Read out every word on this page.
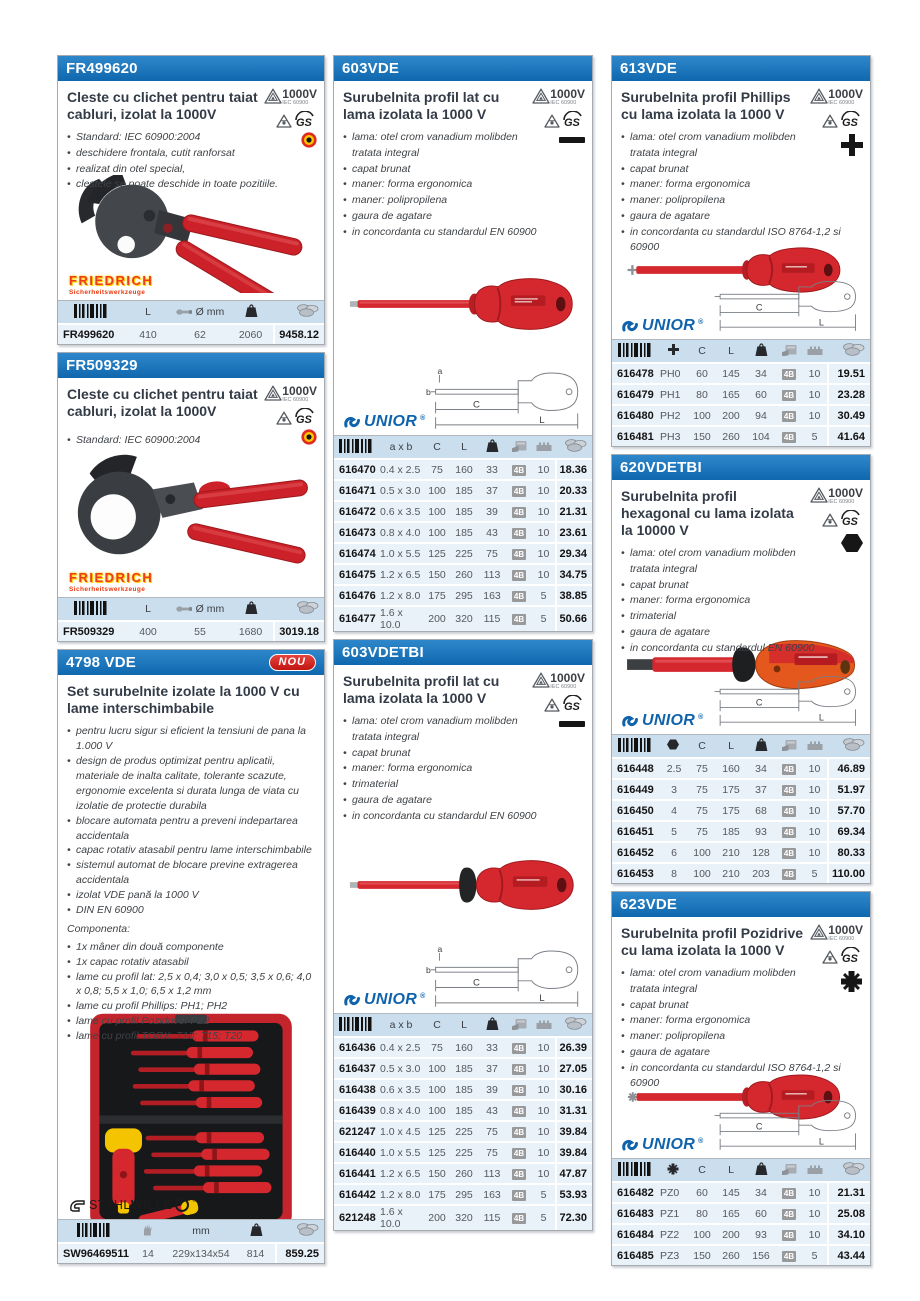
FR499620
1000V
IEC 60900
GS
Cleste cu clichet pentru taiat cabluri, izolat la 1000V
• Standard: IEC 60900:2004
• deschidere frontala, cutit ranforsat
• realizat din otel special,
• clestele se poate deschide in toate pozitiile.
FRIEDRICH
Sicherheitswerkzeuge
	L	Ø mm		
FR499620	410	62	2060	9458.12
FR509329
1000V
IEC 60900
GS
Cleste cu clichet pentru taiat cabluri, izolat la 1000V
• Standard: IEC 60900:2004
FRIEDRICH
Sicherheitswerkzeuge
	L	Ø mm		
FR509329	400	55	1680	3019.18
4798 VDE	NOU
Set surubelnite izolate la 1000 V cu lame interschimbabile
• pentru lucru sigur si eficient la tensiuni de pana la 1.000 V
• design de produs optimizat pentru aplicatii, materiale de inalta calitate, tolerante scazute, ergonomie excelenta si durata lunga de viata cu izolatie de protectie durabila
• blocare automata pentru a preveni indepartarea accidentala
• capac rotativ atasabil pentru lame interschimbabile
• sistemul automat de blocare previne extragerea accidentala
• izolat VDE pană la 1000 V
• DIN EN 60900

Componenta:

• 1x mâner din două componente
• 1x capac rotativ atasabil
• lame cu profil lat: 2,5 x 0,4; 3,0 x 0,5; 3,5 x 0,6; 4,0 x 0,8; 5,5 x 1,0; 6,5 x 1,2 mm
• lame cu profil Phillips: PH1; PH2
• lame cu profil Pozidrive: PZ2
• lame cu profil TORX: T10; T15; T20
STAHLWILLE	®
		mm		
SW96469511	14	229x134x54	814	859.25
603VDE
1000V
IEC 60900
GS
Surubelnita profil lat cu lama izolata la 1000 V
• lama: otel crom vanadium molibden tratata integral
• capat brunat
• maner: forma ergonomica
• maner: polipropilena
• gaura de agatare
• in concordanta cu standardul EN 60900
UNIOR ®
a
b
C
L
	a x b	C	L				
616470	0.4 x 2.5	75	160	33	4B	10	18.36
616471	0.5 x 3.0	100	185	37	4B	10	20.33
616472	0.6 x 3.5	100	185	39	4B	10	21.31
616473	0.8 x 4.0	100	185	43	4B	10	23.61
616474	1.0 x 5.5	125	225	75	4B	10	29.34
616475	1.2 x 6.5	150	260	113	4B	10	34.75
616476	1.2 x 8.0	175	295	163	4B	5	38.85
616477	1.6 x 10.0	200	320	115	4B	5	50.66
603VDETBI
1000V
IEC 60900
GS
Surubelnita profil lat cu lama izolata la 1000 V
• lama: otel crom vanadium molibden tratata integral
• capat brunat
• maner: forma ergonomica
• trimaterial
• gaura de agatare
• in concordanta cu standardul EN 60900
UNIOR ®
a
b
C
L
	a x b	C	L				
616436	0.4 x 2.5	75	160	33	4B	10	26.39
616437	0.5 x 3.0	100	185	37	4B	10	27.05
616438	0.6 x 3.5	100	185	39	4B	10	30.16
616439	0.8 x 4.0	100	185	43	4B	10	31.31
621247	1.0 x 4.5	125	225	75	4B	10	39.84
616440	1.0 x 5.5	125	225	75	4B	10	39.84
616441	1.2 x 6.5	150	260	113	4B	10	47.87
616442	1.2 x 8.0	175	295	163	4B	5	53.93
621248	1.6 x 10.0	200	320	115	4B	5	72.30
613VDE
1000V
IEC 60900
GS
Surubelnita profil Phillips cu lama izolata la 1000 V
• lama: otel crom vanadium molibden tratata integral
• capat brunat
• maner: forma ergonomica
• maner: polipropilena
• gaura de agatare
• in concordanta cu standardul ISO 8764-1,2 si 60900
UNIOR ®
C
L
		C	L				
616478	PH0	60	145	34	4B	10	19.51
616479	PH1	80	165	60	4B	10	23.28
616480	PH2	100	200	94	4B	10	30.49
616481	PH3	150	260	104	4B	5	41.64
620VDETBI
1000V
IEC 60900
GS
Surubelnita profil hexagonal cu lama izolata la 10000 V
• lama: otel crom vanadium molibden tratata integral
• capat brunat
• maner: forma ergonomica
• trimaterial
• gaura de agatare
• in concordanta cu standardul EN 60900
UNIOR ®
C
L
		C	L				
616448	2.5	75	160	34	4B	10	46.89
616449	3	75	175	37	4B	10	51.97
616450	4	75	175	68	4B	10	57.70
616451	5	75	185	93	4B	10	69.34
616452	6	100	210	128	4B	10	80.33
616453	8	100	210	203	4B	5	110.00
623VDE
1000V
IEC 60900
GS
Surubelnita profil Pozidrive cu lama izolata la 1000 V
• lama: otel crom vanadium molibden tratata integral
• capat brunat
• maner: forma ergonomica
• maner: polipropilena
• gaura de agatare
• in concordanta cu standardul ISO 8764-1,2 si 60900
UNIOR ®
C
L
		C	L				
616482	PZ0	60	145	34	4B	10	21.31
616483	PZ1	80	165	60	4B	10	25.08
616484	PZ2	100	200	93	4B	10	34.10
616485	PZ3	150	260	156	4B	5	43.44
